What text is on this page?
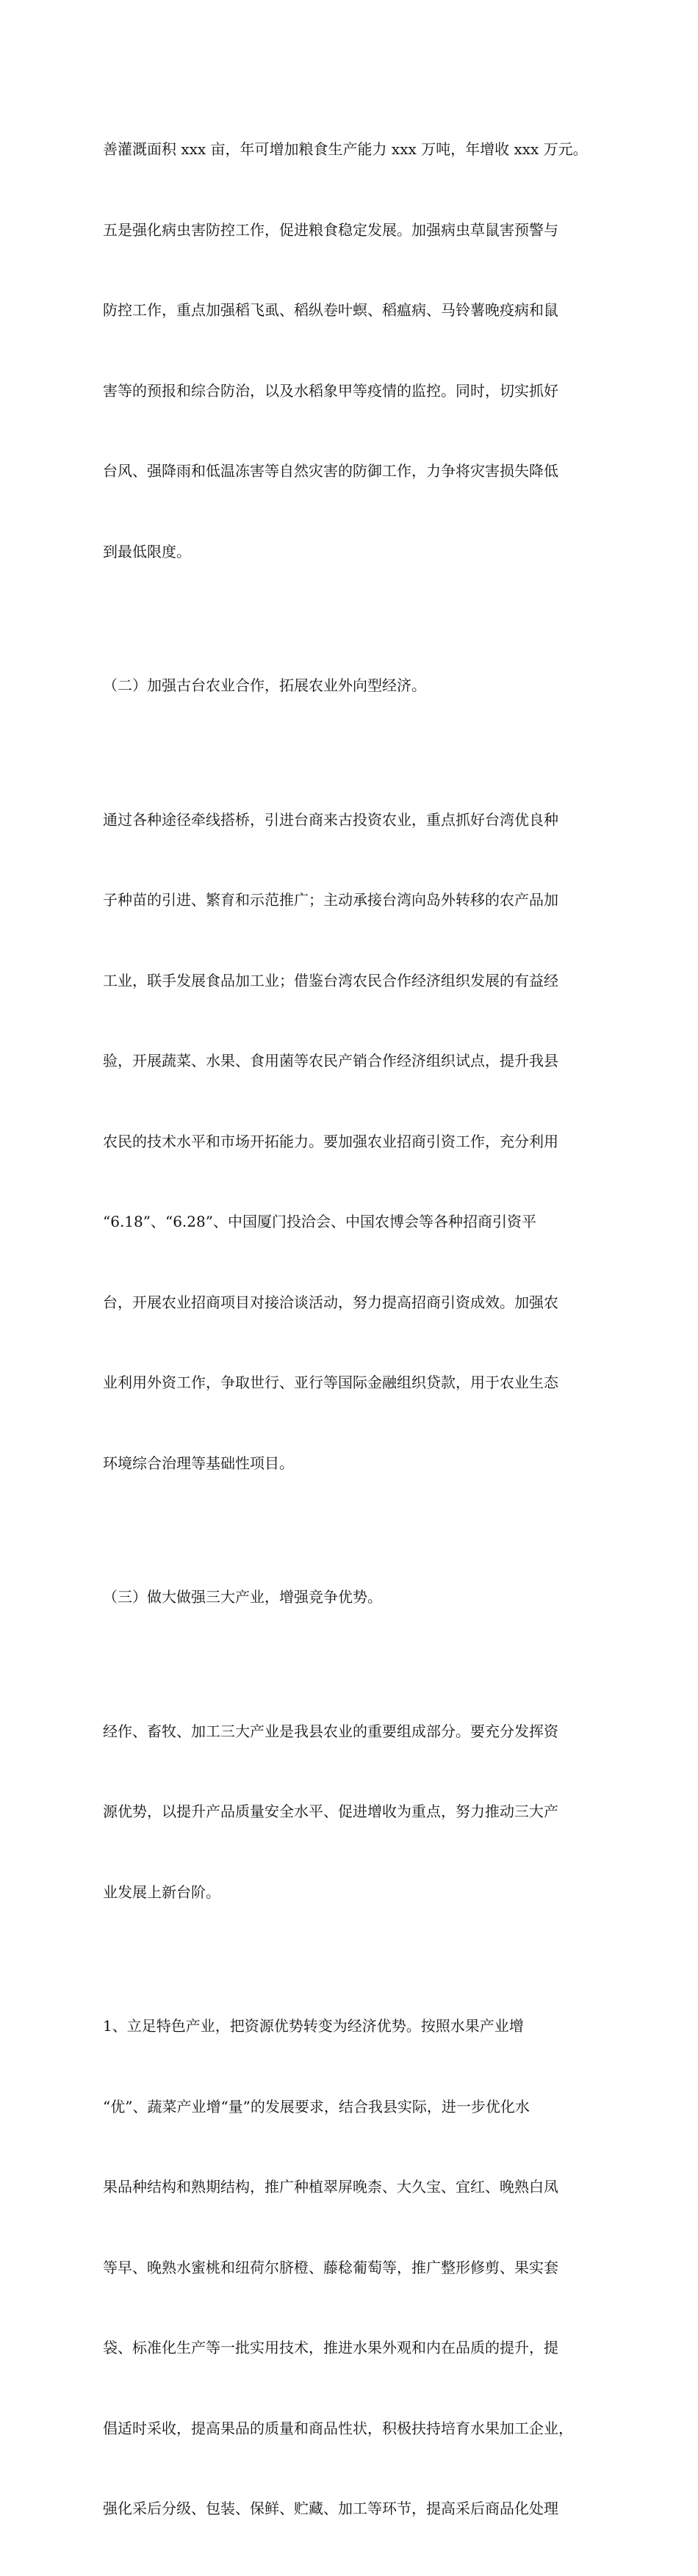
善灌溉面积 xxx 亩，年可增加粮食生产能力 xxx 万吨，年增收 xxx 万元。

五是强化病虫害防控工作，促进粮食稳定发展。加强病虫草鼠害预警与

防控工作，重点加强稻飞虱、稻纵卷叶螟、稻瘟病、马铃薯晚疫病和鼠

害等的预报和综合防治，以及水稻象甲等疫情的监控。同时，切实抓好

台风、强降雨和低温冻害等自然灾害的防御工作，力争将灾害损失降低

到最低限度。

（二）加强古台农业合作，拓展农业外向型经济。

通过各种途径牵线搭桥，引进台商来古投资农业，重点抓好台湾优良种

子种苗的引进、繁育和示范推广；主动承接台湾向岛外转移的农产品加

工业，联手发展食品加工业；借鉴台湾农民合作经济组织发展的有益经

验，开展蔬菜、水果、食用菌等农民产销合作经济组织试点，提升我县

农民的技术水平和市场开拓能力。要加强农业招商引资工作，充分利用

“6.18”、“6.28”、中国厦门投洽会、中国农博会等各种招商引资平

台，开展农业招商项目对接洽谈活动，努力提高招商引资成效。加强农

业利用外资工作，争取世行、亚行等国际金融组织贷款，用于农业生态

环境综合治理等基础性项目。

（三）做大做强三大产业，增强竞争优势。

经作、畜牧、加工三大产业是我县农业的重要组成部分。要充分发挥资

源优势，以提升产品质量安全水平、促进增收为重点，努力推动三大产

业发展上新台阶。

1、立足特色产业，把资源优势转变为经济优势。按照水果产业增

“优”、蔬菜产业增“量”的发展要求，结合我县实际，进一步优化水

果品种结构和熟期结构，推广种植翠屏晚柰、大久宝、宜红、晚熟白凤

等早、晚熟水蜜桃和纽荷尔脐橙、藤稔葡萄等，推广整形修剪、果实套

袋、标准化生产等一批实用技术，推进水果外观和内在品质的提升，提

倡适时采收，提高果品的质量和商品性状，积极扶持培育水果加工企业，

强化采后分级、包装、保鲜、贮藏、加工等环节，提高采后商品化处理
